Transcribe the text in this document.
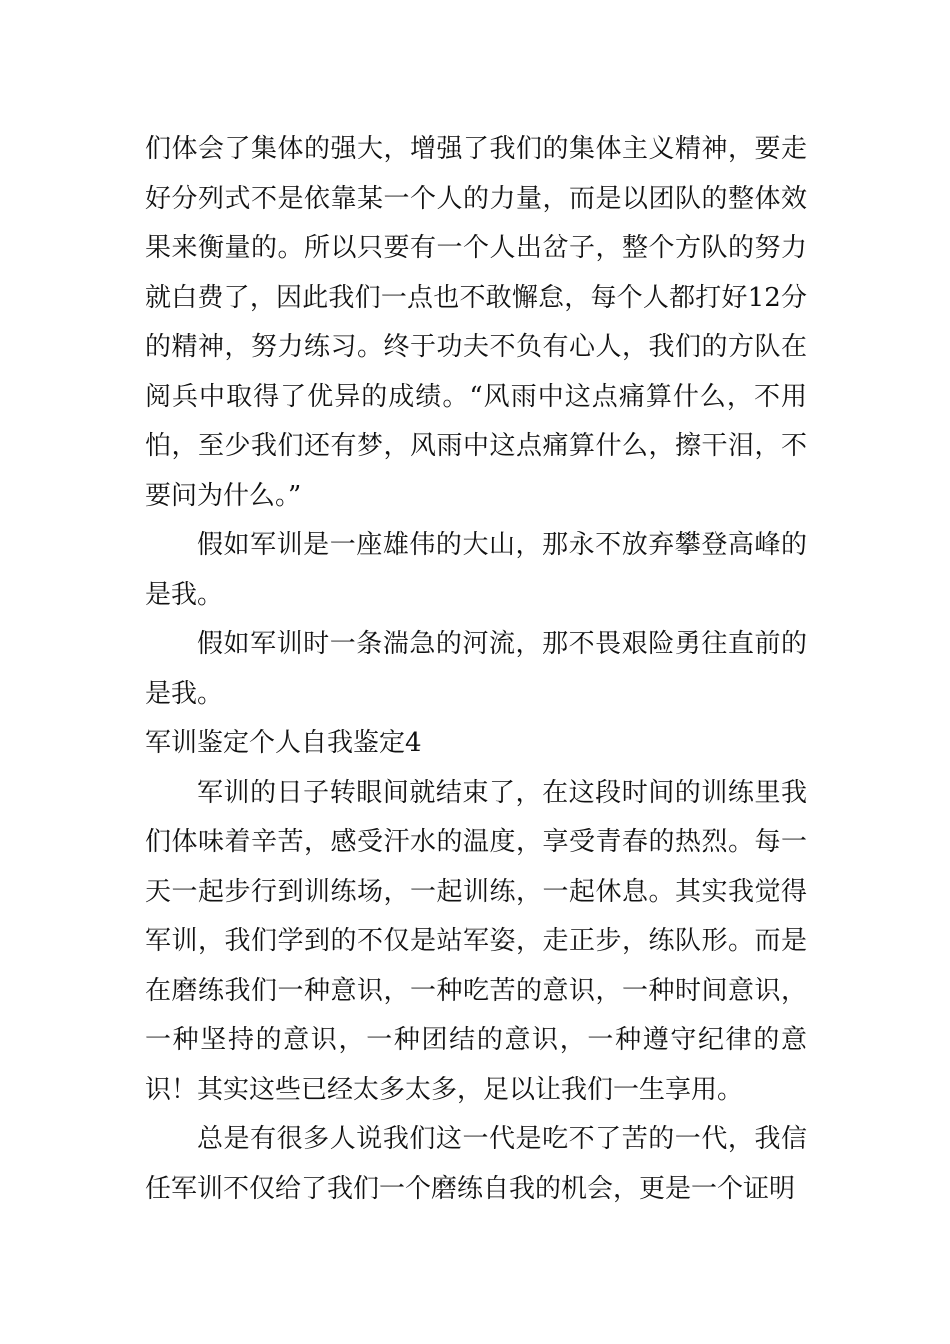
们体会了集体的强大，增强了我们的集体主义精神，要走好分列式不是依靠某一个人的力量，而是以团队的整体效果来衡量的。所以只要有一个人出岔子，整个方队的努力就白费了，因此我们一点也不敢懈怠，每个人都打好12分的精神，努力练习。终于功夫不负有心人，我们的方队在阅兵中取得了优异的成绩。“风雨中这点痛算什么，不用怕，至少我们还有梦，风雨中这点痛算什么，擦干泪，不要问为什么。”

假如军训是一座雄伟的大山，那永不放弃攀登高峰的是我。

假如军训时一条湍急的河流，那不畏艰险勇往直前的是我。

军训鉴定个人自我鉴定4

军训的日子转眼间就结束了，在这段时间的训练里我们体味着辛苦，感受汗水的温度，享受青春的热烈。每一天一起步行到训练场，一起训练，一起休息。其实我觉得军训，我们学到的不仅是站军姿，走正步，练队形。而是在磨练我们一种意识，一种吃苦的意识，一种时间意识，一种坚持的意识，一种团结的意识，一种遵守纪律的意识！其实这些已经太多太多，足以让我们一生享用。

总是有很多人说我们这一代是吃不了苦的一代，我信任军训不仅给了我们一个磨练自我的机会，更是一个证明
